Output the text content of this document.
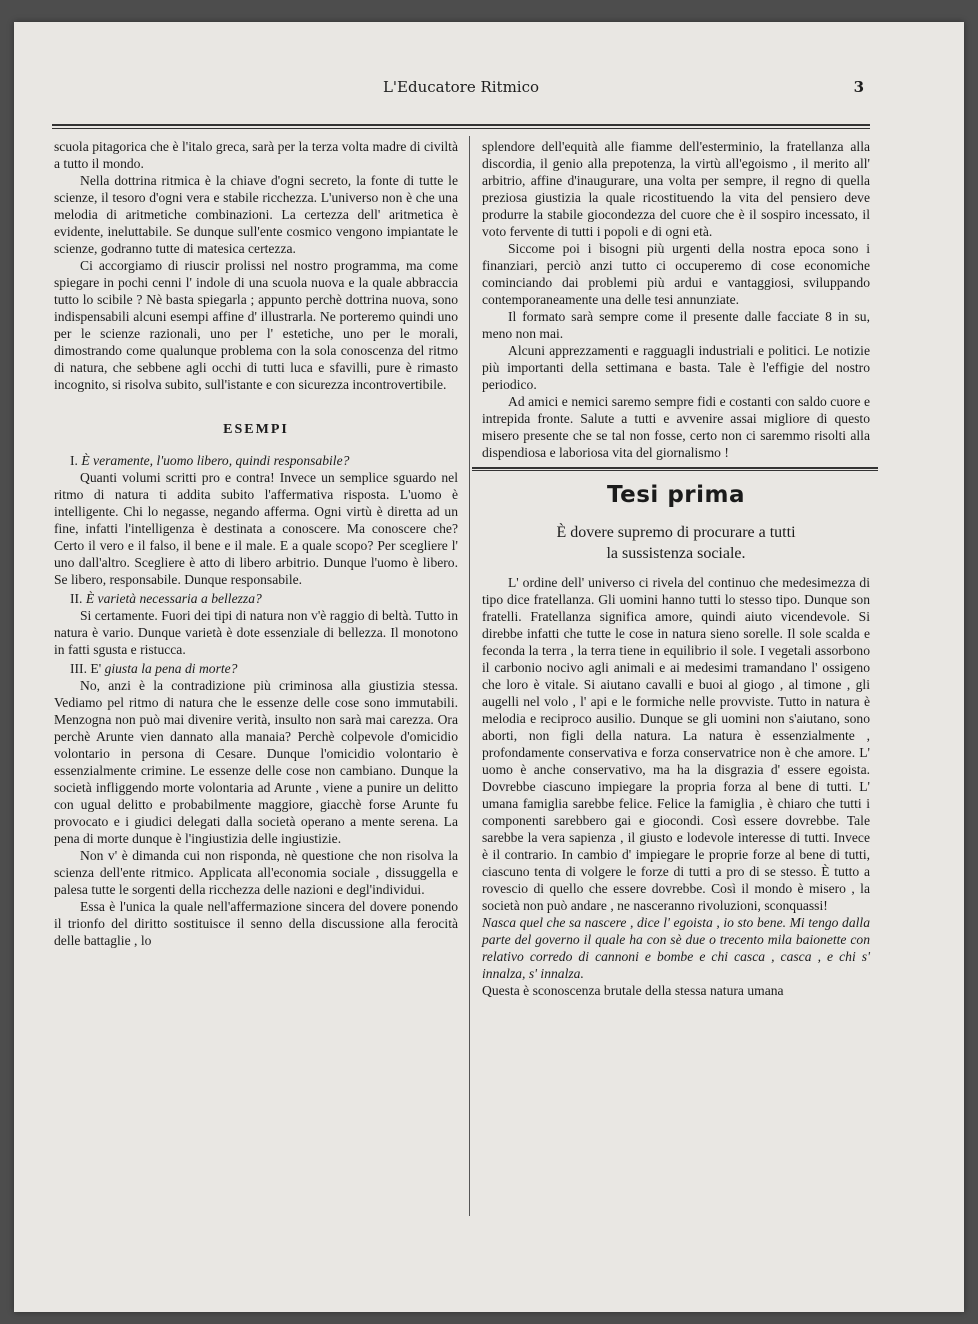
L'Educatore Ritmico	3

scuola pitagorica che è l'italo greca, sarà per la terza volta madre di civiltà a tutto il mondo.

Nella dottrina ritmica è la chiave d'ogni secreto, la fonte di tutte le scienze, il tesoro d'ogni vera e stabile ricchezza. L'universo non è che una melodia di aritmetiche combinazioni. La certezza dell' aritmetica è evidente, ineluttabile. Se dunque sull'ente cosmico vengono impiantate le scienze, godranno tutte di matesica certezza.

Ci accorgiamo di riuscir prolissi nel nostro programma, ma come spiegare in pochi cenni l' indole di una scuola nuova e la quale abbraccia tutto lo scibile ? Nè basta spiegarla ; appunto perchè dottrina nuova, sono indispensabili alcuni esempi affine d' illustrarla. Ne porteremo quindi uno per le scienze razionali, uno per l' estetiche, uno per le morali, dimostrando come qualunque problema con la sola conoscenza del ritmo di natura, che sebbene agli occhi di tutti luca e sfavilli, pure è rimasto incognito, si risolva subito, sull'istante e con sicurezza incontrovertibile.

ESEMPI

I. È veramente, l'uomo libero, quindi responsabile?

Quanti volumi scritti pro e contra! Invece un semplice sguardo nel ritmo di natura ti addita subito l'affermativa risposta. L'uomo è intelligente. Chi lo negasse, negando afferma. Ogni virtù è diretta ad un fine, infatti l'intelligenza è destinata a conoscere. Ma conoscere che? Certo il vero e il falso, il bene e il male. E a quale scopo? Per scegliere l' uno dall'altro. Scegliere è atto di libero arbitrio. Dunque l'uomo è libero. Se libero, responsabile. Dunque responsabile.

II. È varietà necessaria a bellezza?

Si certamente. Fuori dei tipi di natura non v'è raggio di beltà. Tutto in natura è vario. Dunque varietà è dote essenziale di bellezza. Il monotono in fatti sgusta e ristucca.

III. E' giusta la pena di morte?

No, anzi è la contradizione più criminosa alla giustizia stessa. Vediamo pel ritmo di natura che le essenze delle cose sono immutabili. Menzogna non può mai divenire verità, insulto non sarà mai carezza. Ora perchè Arunte vien dannato alla manaia? Perchè colpevole d'omicidio volontario in persona di Cesare. Dunque l'omicidio volontario è essenzialmente crimine. Le essenze delle cose non cambiano. Dunque la società infliggendo morte volontaria ad Arunte , viene a punire un delitto con ugual delitto e probabilmente maggiore, giacchè forse Arunte fu provocato e i giudici delegati dalla società operano a mente serena. La pena di morte dunque è l'ingiustizia delle ingiustizie.

Non v' è dimanda cui non risponda, nè questione che non risolva la scienza dell'ente ritmico. Applicata all'economia sociale , dissuggella e palesa tutte le sorgenti della ricchezza delle nazioni e degl'individui.

Essa è l'unica la quale nell'affermazione sincera del dovere ponendo il trionfo del diritto sostituisce il senno della discussione alla ferocità delle battaglie , lo

splendore dell'equità alle fiamme dell'esterminio, la fratellanza alla discordia, il genio alla prepotenza, la virtù all'egoismo , il merito all' arbitrio, affine d'inaugurare, una volta per sempre, il regno di quella preziosa giustizia la quale ricostituendo la vita del pensiero deve produrre la stabile giocondezza del cuore che è il sospiro incessato, il voto fervente di tutti i popoli e di ogni età.

Siccome poi i bisogni più urgenti della nostra epoca sono i finanziari, perciò anzi tutto ci occuperemo di cose economiche cominciando dai problemi più ardui e vantaggiosi, sviluppando contemporaneamente una delle tesi annunziate.

Il formato sarà sempre come il presente dalle facciate 8 in su, meno non mai.

Alcuni apprezzamenti e ragguagli industriali e politici. Le notizie più importanti della settimana e basta. Tale è l'effigie del nostro periodico.

Ad amici e nemici saremo sempre fidi e costanti con saldo cuore e intrepida fronte. Salute a tutti e avvenire assai migliore di questo misero presente che se tal non fosse, certo non ci saremmo risolti alla dispendiosa e laboriosa vita del giornalismo !

Tesi prima
È dovere supremo di procurare a tutti
la sussistenza sociale.

L' ordine dell' universo ci rivela del continuo che medesimezza di tipo dice fratellanza. Gli uomini hanno tutti lo stesso tipo. Dunque son fratelli. Fratellanza significa amore, quindi aiuto vicendevole. Si direbbe infatti che tutte le cose in natura sieno sorelle. Il sole scalda e feconda la terra , la terra tiene in equilibrio il sole. I vegetali assorbono il carbonio nocivo agli animali e ai medesimi tramandano l' ossigeno che loro è vitale. Si aiutano cavalli e buoi al giogo , al timone , gli augelli nel volo , l' api e le formiche nelle provviste. Tutto in natura è melodia e reciproco ausilio. Dunque se gli uomini non s'aiutano, sono aborti, non figli della natura. La natura è essenzialmente , profondamente conservativa e forza conservatrice non è che amore. L' uomo è anche conservativo, ma ha la disgrazia d' essere egoista. Dovrebbe ciascuno impiegare la propria forza al bene di tutti. L' umana famiglia sarebbe felice. Felice la famiglia , è chiaro che tutti i componenti sarebbero gai e giocondi. Così essere dovrebbe. Tale sarebbe la vera sapienza , il giusto e lodevole interesse di tutti. Invece è il contrario. In cambio d' impiegare le proprie forze al bene di tutti, ciascuno tenta di volgere le forze di tutti a pro di se stesso. È tutto a rovescio di quello che essere dovrebbe. Così il mondo è misero , la società non può andare , ne nasceranno rivoluzioni, sconquassi!

Nasca quel che sa nascere , dice l' egoista , io sto bene. Mi tengo dalla parte del governo il quale ha con sè due o trecento mila baionette con relativo corredo di cannoni e bombe e chi casca , casca , e chi s' innalza, s' innalza.

Questa è sconoscenza brutale della stessa natura umana
